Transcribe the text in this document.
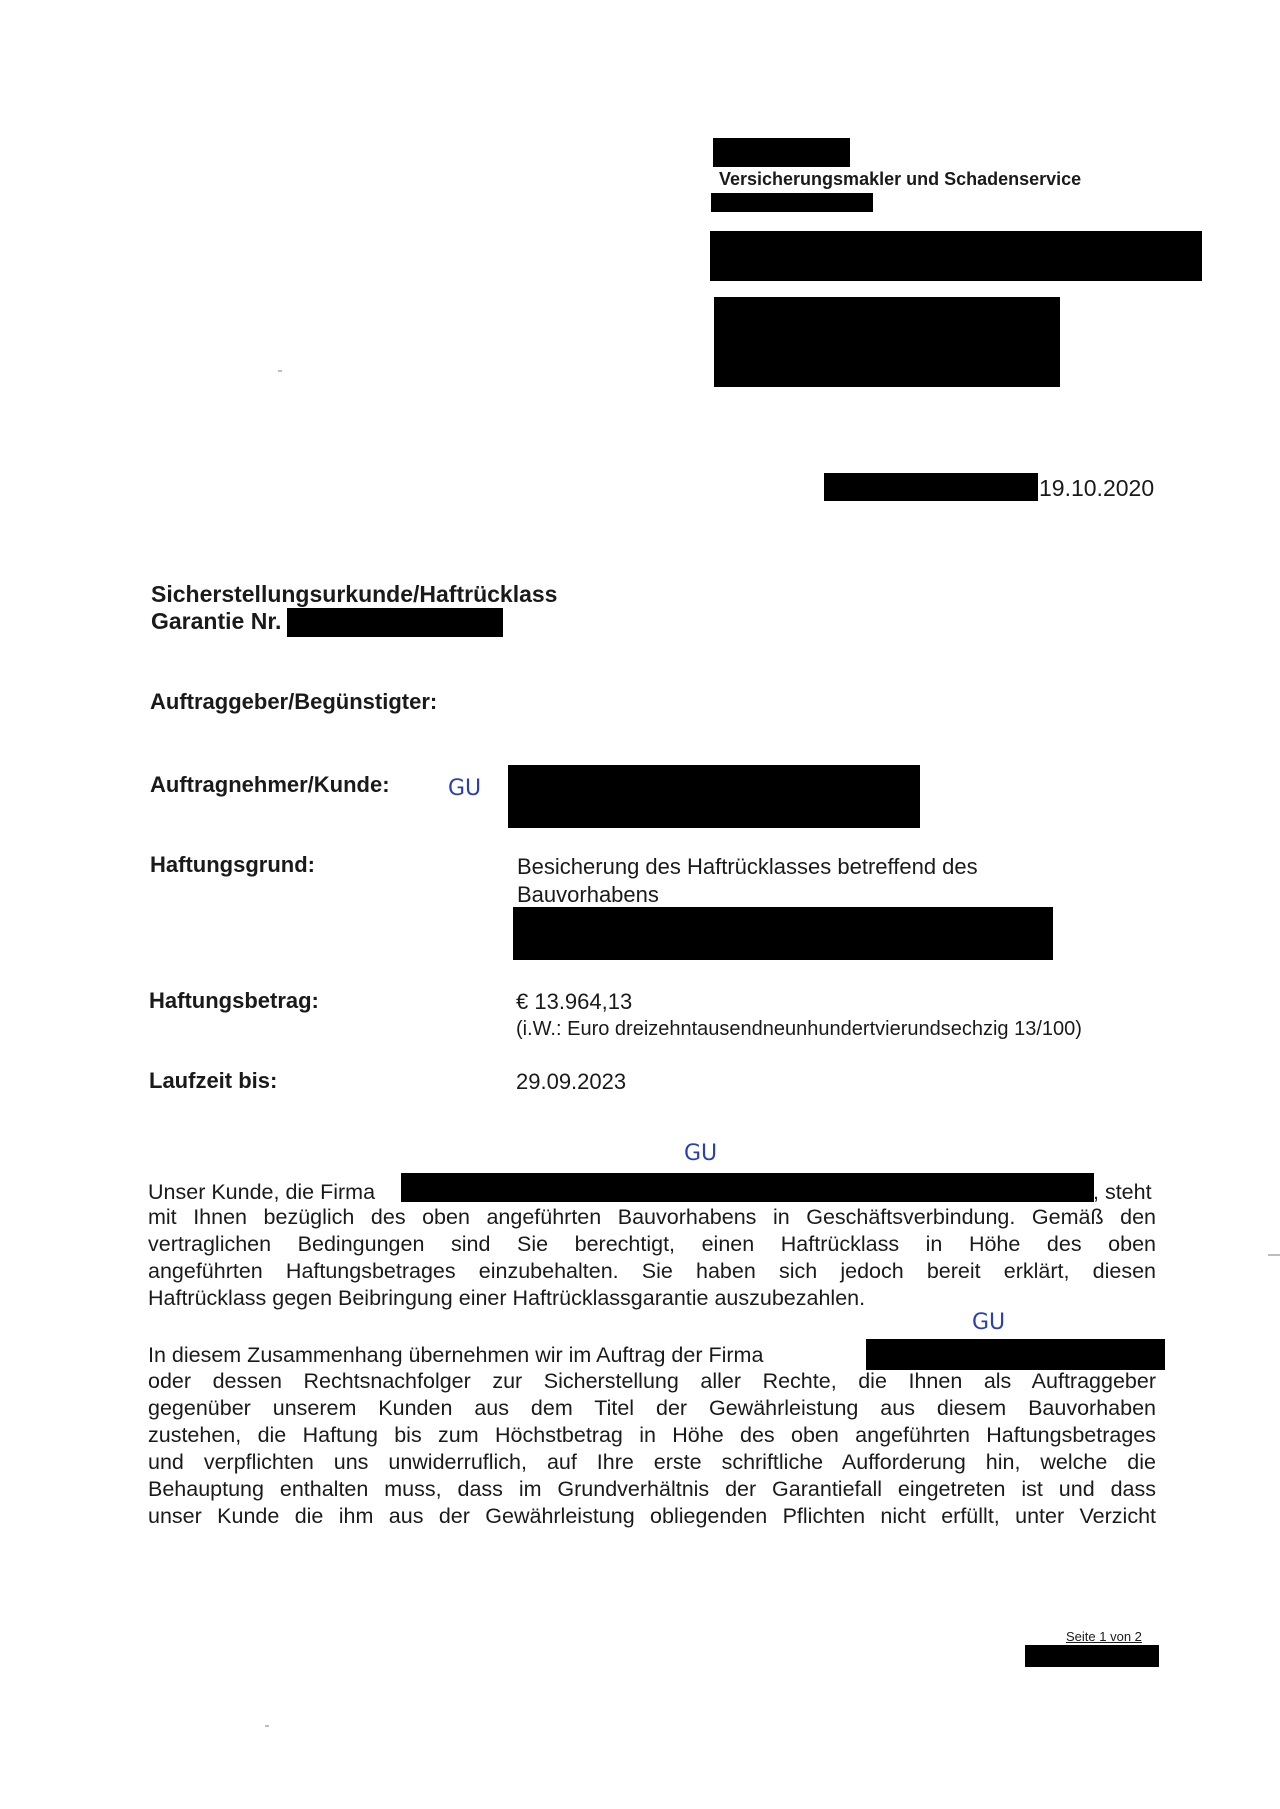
Versicherungsmakler und Schadenservice
19.10.2020
Sicherstellungsurkunde/Haftrücklass
Garantie Nr.
Auftraggeber/Begünstigter:
Auftragnehmer/Kunde:	GU
Haftungsgrund:	Besicherung des Haftrücklasses betreffend des
Bauvorhabens
Haftungsbetrag:	€ 13.964,13
(i.W.: Euro dreizehntausendneunhundertvierundsechzig 13/100)
Laufzeit bis:	29.09.2023
GU
Unser Kunde, die Firma	, steht
mit Ihnen bezüglich des oben angeführten Bauvorhabens in Geschäftsverbindung. Gemäß den
vertraglichen Bedingungen sind Sie berechtigt, einen Haftrücklass in Höhe des oben
angeführten Haftungsbetrages einzubehalten. Sie haben sich jedoch bereit erklärt, diesen
Haftrücklass gegen Beibringung einer Haftrücklassgarantie auszubezahlen.
GU
In diesem Zusammenhang übernehmen wir im Auftrag der Firma
oder dessen Rechtsnachfolger zur Sicherstellung aller Rechte, die Ihnen als Auftraggeber
gegenüber unserem Kunden aus dem Titel der Gewährleistung aus diesem Bauvorhaben
zustehen, die Haftung bis zum Höchstbetrag in Höhe des oben angeführten Haftungsbetrages
und verpflichten uns unwiderruflich, auf Ihre erste schriftliche Aufforderung hin, welche die
Behauptung enthalten muss, dass im Grundverhältnis der Garantiefall eingetreten ist und dass
unser Kunde die ihm aus der Gewährleistung obliegenden Pflichten nicht erfüllt, unter Verzicht
Seite 1 von 2
